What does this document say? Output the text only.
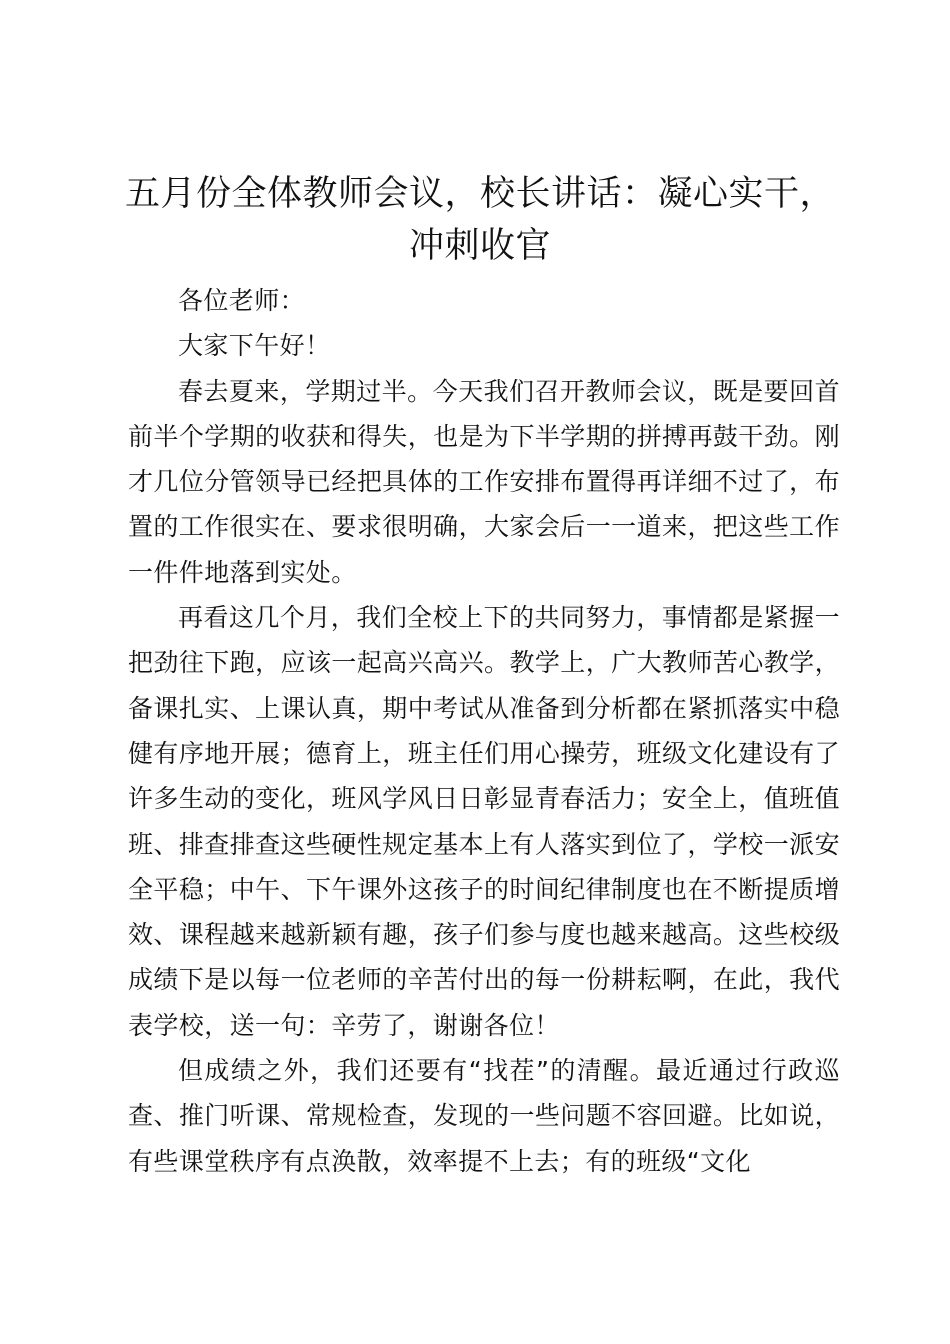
五月份全体教师会议，校长讲话：凝心实干，
冲刺收官

各位老师：

大家下午好！

春去夏来，学期过半。今天我们召开教师会议，既是要回首前半个学期的收获和得失，也是为下半学期的拼搏再鼓干劲。刚才几位分管领导已经把具体的工作安排布置得再详细不过了，布置的工作很实在、要求很明确，大家会后一一道来，把这些工作一件件地落到实处。

再看这几个月，我们全校上下的共同努力，事情都是紧握一把劲往下跑，应该一起高兴高兴。教学上，广大教师苦心教学，备课扎实、上课认真，期中考试从准备到分析都在紧抓落实中稳健有序地开展；德育上，班主任们用心操劳，班级文化建设有了许多生动的变化，班风学风日日彰显青春活力；安全上，值班值班、排查排查这些硬性规定基本上有人落实到位了，学校一派安全平稳；中午、下午课外这孩子的时间纪律制度也在不断提质增效、课程越来越新颖有趣，孩子们参与度也越来越高。这些校级成绩下是以每一位老师的辛苦付出的每一份耕耘啊，在此，我代表学校，送一句：辛劳了，谢谢各位！

但成绩之外，我们还要有“找茬”的清醒。最近通过行政巡查、推门听课、常规检查，发现的一些问题不容回避。比如说，有些课堂秩序有点涣散，效率提不上去；有的班级“文化
